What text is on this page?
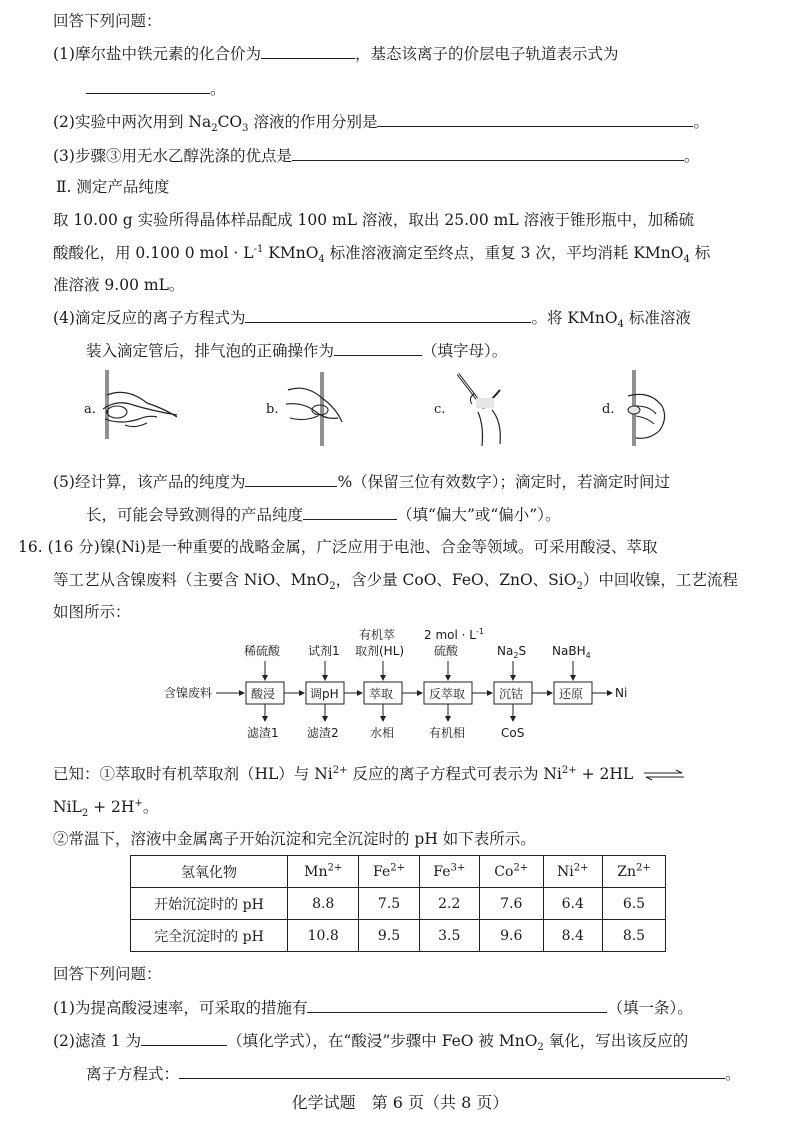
回答下列问题：
(1)摩尔盐中铁元素的化合价为	，基态该离子的价层电子轨道表示式为
。
(2)实验中两次用到 $Na_2CO_3$ 溶液的作用分别是	。
(3)步骤③用无水乙醇洗涤的优点是	。
Ⅱ. 测定产品纯度
取 10.00 g 实验所得晶体样品配成 100 mL 溶液，取出 25.00 mL 溶液于锥形瓶中，加稀硫
酸酸化，用 0.100 0 mol · $L^{-1}$ KMnO$_4$ 标准溶液滴定至终点，重复 3 次，平均消耗 KMnO$_4$ 标
准溶液 9.00 mL。
(4)滴定反应的离子方程式为	。将 KMnO$_4$ 标准溶液
装入滴定管后，排气泡的正确操作为	（填字母）。
a.	b.	c.	d.
(5)经计算，该产品的纯度为	%（保留三位有效数字）；滴定时，若滴定时间过
长，可能会导致测得的产品纯度	（填“偏大”或“偏小”）。
16. (16 分)镍(Ni)是一种重要的战略金属，广泛应用于电池、合金等领域。可采用酸浸、萃取
等工艺从含镍废料（主要含 NiO、MnO$_2$，含少量 CoO、FeO、ZnO、SiO$_2$）中回收镍，工艺流程
如图所示：
含镍废料	酸浸	调pH	萃取	反萃取	沉钴	还原	Ni
稀硫酸 试剂1
有机萃
取剂(HL)
2 mol · $L^{-1}$
硫酸	$Na_2S$ NaBH$_4$
滤渣1 滤渣2	水相	有机相	CoS
已知：①萃取时有机萃取剂（HL）与 $Ni^{2+}$ 反应的离子方程式可表示为 $Ni^{2+} + 2HL$ ⇌
NiL$_2$ + 2H+。
②常温下，溶液中金属离子开始沉淀和完全沉淀时的 pH 如下表所示。
氢氧化物	$Mn^{2+}$	$Fe^{2+}$	$Fe^{3+}$	$Co^{2+}$	$Ni^{2+}$	$Zn^{2+}$
开始沉淀时的 pH	8.8	7.5	2.2	7.6	6.4	6.5
完全沉淀时的 pH	10.8	9.5	3.5	9.6	8.4	8.5
回答下列问题：
(1)为提高酸浸速率，可采取的措施有	（填一条）。
(2)滤渣 1 为	（填化学式），在“酸浸”步骤中 FeO 被 MnO$_2$ 氧化，写出该反应的
离子方程式：	。
化学试题　第 6 页（共 8 页）
